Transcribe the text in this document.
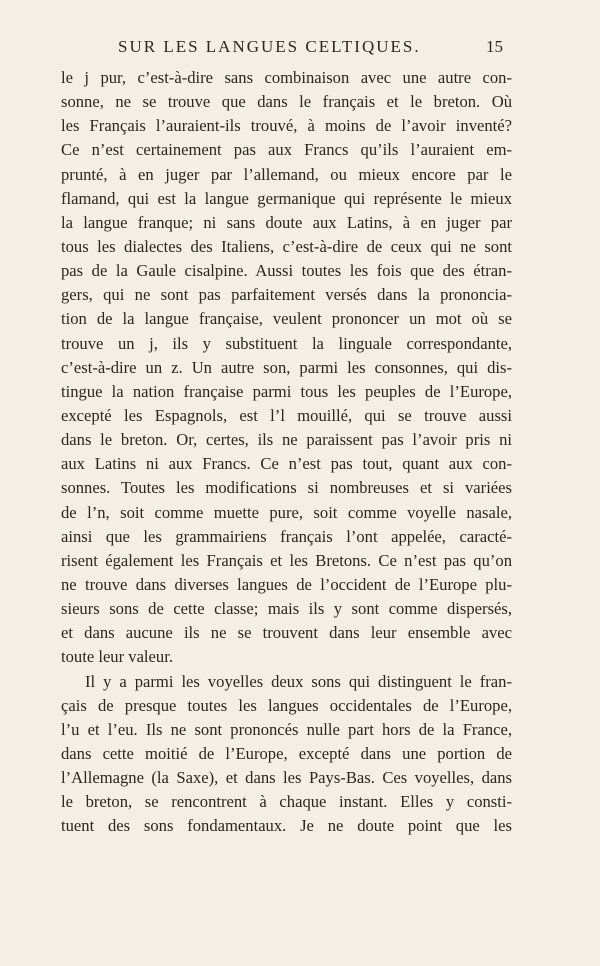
SUR LES LANGUES CELTIQUES.	15
le j pur, c’est-à-dire sans combinaison avec une autre con-
sonne, ne se trouve que dans le français et le breton. Où
les Français l’auraient-ils trouvé, à moins de l’avoir inventé?
Ce n’est certainement pas aux Francs qu’ils l’auraient em-
prunté, à en juger par l’allemand, ou mieux encore par le
flamand, qui est la langue germanique qui représente le mieux
la langue franque; ni sans doute aux Latins, à en juger par
tous les dialectes des Italiens, c’est-à-dire de ceux qui ne sont
pas de la Gaule cisalpine. Aussi toutes les fois que des étran-
gers, qui ne sont pas parfaitement versés dans la prononcia-
tion de la langue française, veulent prononcer un mot où se
trouve un j, ils y substituent la linguale correspondante,
c’est-à-dire un z. Un autre son, parmi les consonnes, qui dis-
tingue la nation française parmi tous les peuples de l’Europe,
excepté les Espagnols, est l’l mouillé, qui se trouve aussi
dans le breton. Or, certes, ils ne paraissent pas l’avoir pris ni
aux Latins ni aux Francs. Ce n’est pas tout, quant aux con-
sonnes. Toutes les modifications si nombreuses et si variées
de l’n, soit comme muette pure, soit comme voyelle nasale,
ainsi que les grammairiens français l’ont appelée, caracté-
risent également les Français et les Bretons. Ce n’est pas qu’on
ne trouve dans diverses langues de l’occident de l’Europe plu-
sieurs sons de cette classe; mais ils y sont comme dispersés,
et dans aucune ils ne se trouvent dans leur ensemble avec
toute leur valeur.
Il y a parmi les voyelles deux sons qui distinguent le fran-
çais de presque toutes les langues occidentales de l’Europe,
l’u et l’eu. Ils ne sont prononcés nulle part hors de la France,
dans cette moitié de l’Europe, excepté dans une portion de
l’Allemagne (la Saxe), et dans les Pays-Bas. Ces voyelles, dans
le breton, se rencontrent à chaque instant. Elles y consti-
tuent des sons fondamentaux. Je ne doute point que les
